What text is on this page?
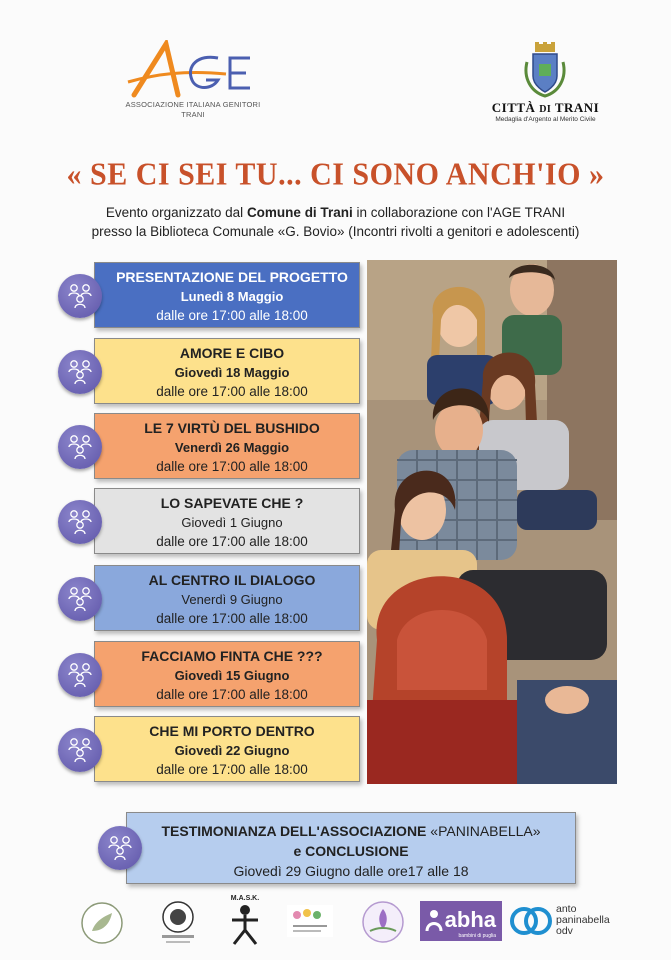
ASSOCIAZIONE ITALIANA GENITORI
TRANI	CITTÀ DI TRANI
Medaglia d'Argento al Merito Civile
« SE CI SEI TU... CI SONO ANCH'IO »
Evento organizzato dal Comune di Trani in collaborazione con l'AGE TRANI
presso la Biblioteca Comunale «G. Bovio» (Incontri rivolti a genitori e adolescenti)
PRESENTAZIONE DEL PROGETTO
Lunedì 8 Maggio
dalle ore 17:00 alle 18:00
AMORE E CIBO
Giovedì 18 Maggio
dalle ore 17:00 alle 18:00
LE 7 VIRTÙ DEL BUSHIDO
Venerdì 26 Maggio
dalle ore 17:00 alle 18:00
LO SAPEVATE CHE ?
Giovedì 1 Giugno
dalle ore 17:00 alle 18:00
AL CENTRO IL DIALOGO
Venerdì 9 Giugno
dalle ore 17:00 alle 18:00
FACCIAMO FINTA CHE ???
Giovedì 15 Giugno
dalle ore 17:00 alle 18:00
CHE MI PORTO DENTRO
Giovedì 22 Giugno
dalle ore 17:00 alle 18:00
TESTIMONIANZA DELL'ASSOCIAZIONE «PANINABELLA»
e CONCLUSIONE
Giovedì 29 Giugno dalle ore17 alle 18
M.A.S.K.
abha
bambini di puglia
anto
paninabella
odv
